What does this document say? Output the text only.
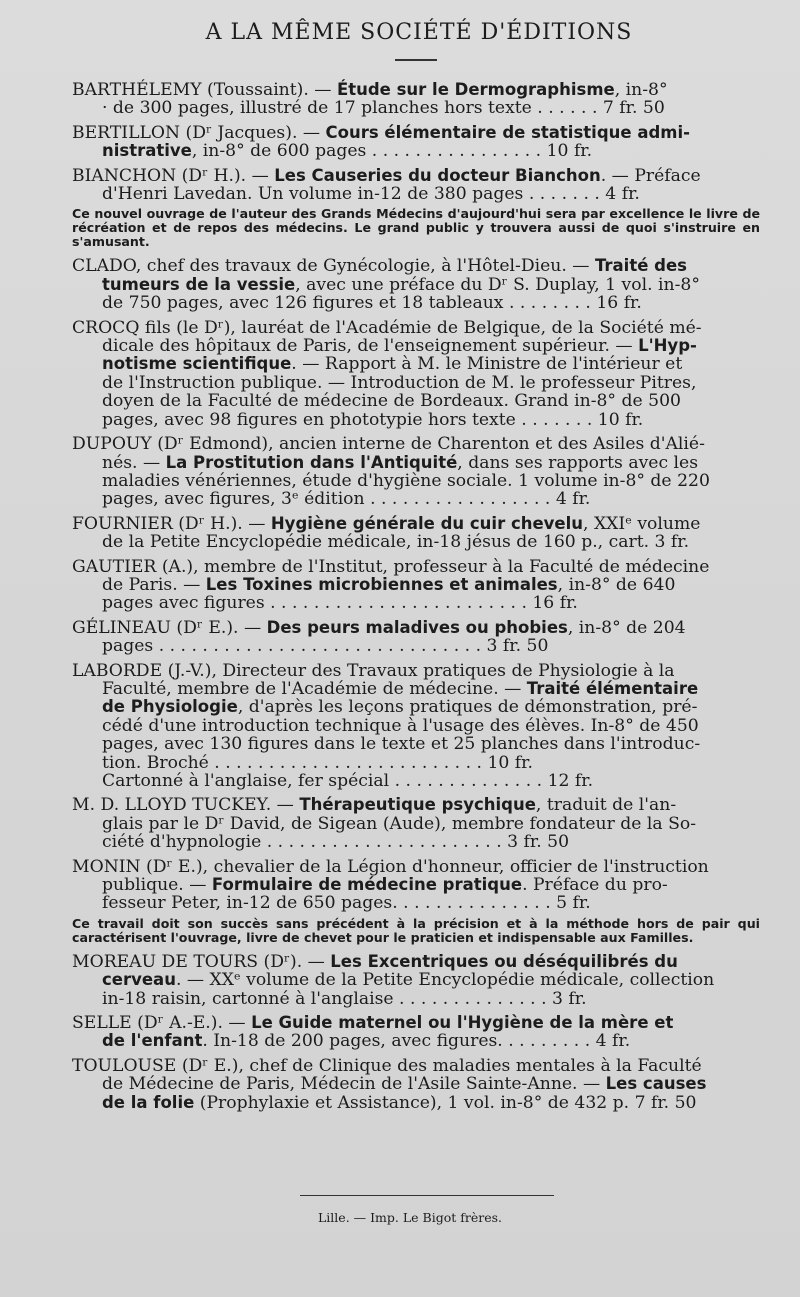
A LA MÊME SOCIÉTÉ D'ÉDITIONS
BARTHÉLEMY (Toussaint). — Étude sur le Dermographisme, in-8°
· de 300 pages, illustré de 17 planches hors texte . . . . . . 7 fr. 50
BERTILLON (Dʳ Jacques). — Cours élémentaire de statistique admi-
nistrative, in-8° de 600 pages . . . . . . . . . . . . . . . . 10 fr.
BIANCHON (Dʳ H.). — Les Causeries du docteur Bianchon. — Préface
d'Henri Lavedan. Un volume in-12 de 380 pages . . . . . . . 4 fr.
Ce nouvel ouvrage de l'auteur des Grands Médecins d'aujourd'hui sera par excellence le livre de récréation et de repos des médecins. Le grand public y trouvera aussi de quoi s'instruire en s'amusant.
CLADO, chef des travaux de Gynécologie, à l'Hôtel-Dieu. — Traité des
tumeurs de la vessie, avec une préface du Dʳ S. Duplay, 1 vol. in-8°
de 750 pages, avec 126 figures et 18 tableaux . . . . . . . . 16 fr.
CROCQ fils (le Dʳ), lauréat de l'Académie de Belgique, de la Société mé-
dicale des hôpitaux de Paris, de l'enseignement supérieur. — L'Hyp-
notisme scientifique. — Rapport à M. le Ministre de l'intérieur et
de l'Instruction publique. — Introduction de M. le professeur Pitres,
doyen de la Faculté de médecine de Bordeaux. Grand in-8° de 500
pages, avec 98 figures en phototypie hors texte . . . . . . . 10 fr.
DUPOUY (Dʳ Edmond), ancien interne de Charenton et des Asiles d'Alié-
nés. — La Prostitution dans l'Antiquité, dans ses rapports avec les
maladies vénériennes, étude d'hygiène sociale. 1 volume in-8° de 220
pages, avec figures, 3ᵉ édition . . . . . . . . . . . . . . . . . 4 fr.
FOURNIER (Dʳ H.). — Hygiène générale du cuir chevelu, XXIᵉ volume
de la Petite Encyclopédie médicale, in-18 jésus de 160 p., cart. 3 fr.
GAUTIER (A.), membre de l'Institut, professeur à la Faculté de médecine
de Paris. — Les Toxines microbiennes et animales, in-8° de 640
pages avec figures . . . . . . . . . . . . . . . . . . . . . . . . 16 fr.
GÉLINEAU (Dʳ E.). — Des peurs maladives ou phobies, in-8° de 204
pages . . . . . . . . . . . . . . . . . . . . . . . . . . . . . . 3 fr. 50
LABORDE (J.-V.), Directeur des Travaux pratiques de Physiologie à la
Faculté, membre de l'Académie de médecine. — Traité élémentaire
de Physiologie, d'après les leçons pratiques de démonstration, pré-
cédé d'une introduction technique à l'usage des élèves. In-8° de 450
pages, avec 130 figures dans le texte et 25 planches dans l'introduc-
tion. Broché . . . . . . . . . . . . . . . . . . . . . . . . . 10 fr.
Cartonné à l'anglaise, fer spécial . . . . . . . . . . . . . . 12 fr.
M. D. LLOYD TUCKEY. — Thérapeutique psychique, traduit de l'an-
glais par le Dʳ David, de Sigean (Aude), membre fondateur de la So-
ciété d'hypnologie . . . . . . . . . . . . . . . . . . . . . . 3 fr. 50
MONIN (Dʳ E.), chevalier de la Légion d'honneur, officier de l'instruction
publique. — Formulaire de médecine pratique. Préface du pro-
fesseur Peter, in-12 de 650 pages. . . . . . . . . . . . . . . 5 fr.
Ce travail doit son succès sans précédent à la précision et à la méthode hors de pair qui caractérisent l'ouvrage, livre de chevet pour le praticien et indispensable aux Familles.
MOREAU DE TOURS (Dʳ). — Les Excentriques ou déséquilibrés du
cerveau. — XXᵉ volume de la Petite Encyclopédie médicale, collection
in-18 raisin, cartonné à l'anglaise . . . . . . . . . . . . . . 3 fr.
SELLE (Dʳ A.-E.). — Le Guide maternel ou l'Hygiène de la mère et
de l'enfant. In-18 de 200 pages, avec figures. . . . . . . . . 4 fr.
TOULOUSE (Dʳ E.), chef de Clinique des maladies mentales à la Faculté
de Médecine de Paris, Médecin de l'Asile Sainte-Anne. — Les causes
de la folie (Prophylaxie et Assistance), 1 vol. in-8° de 432 p. 7 fr. 50
Lille. — Imp. Le Bigot frères.
